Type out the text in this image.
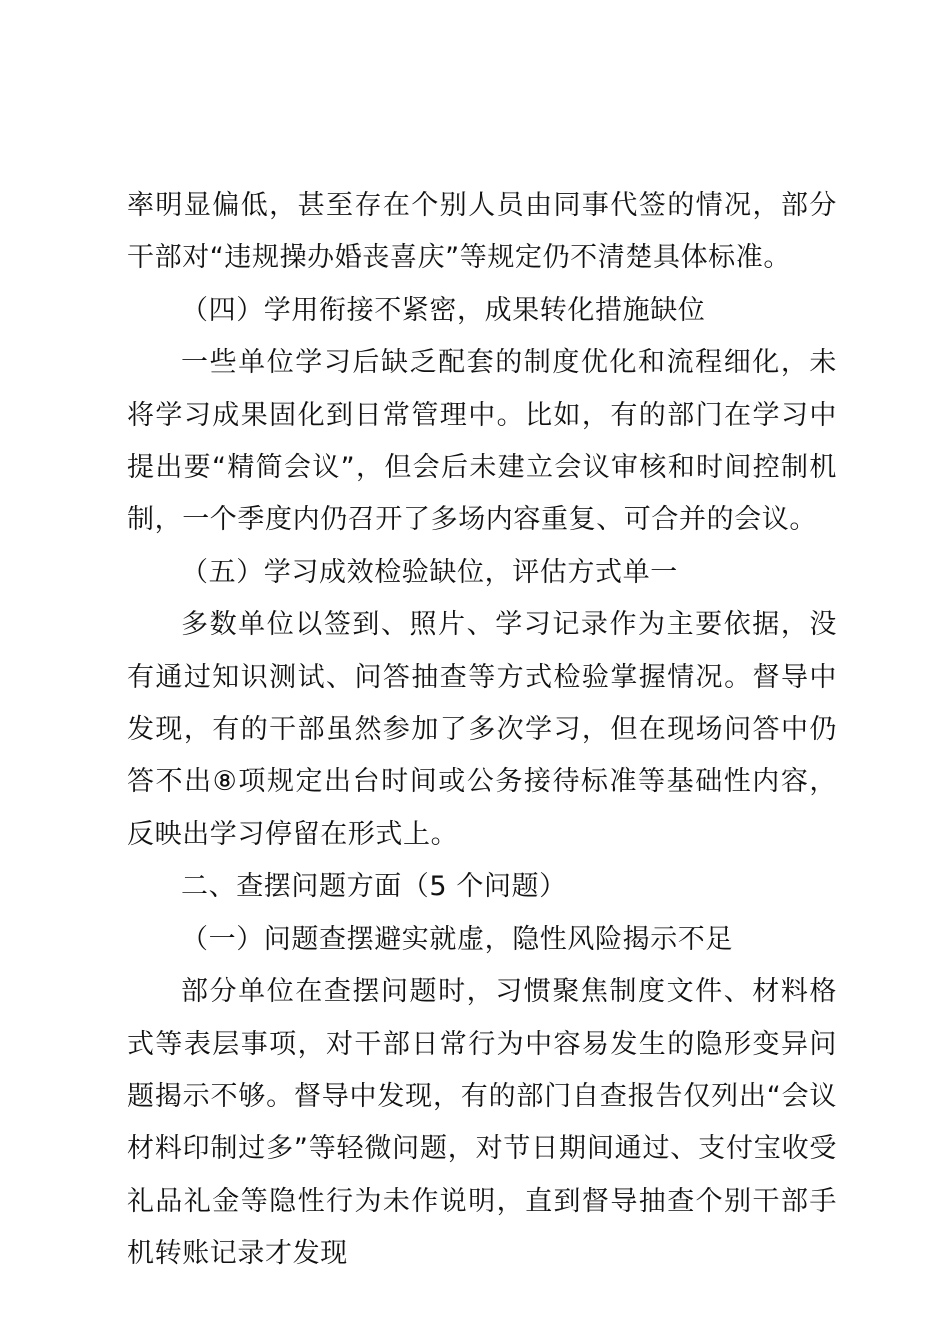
率明显偏低，甚至存在个别人员由同事代签的情况，部分干部对“违规操办婚丧喜庆”等规定仍不清楚具体标准。

（四）学用衔接不紧密，成果转化措施缺位

一些单位学习后缺乏配套的制度优化和流程细化，未将学习成果固化到日常管理中。比如，有的部门在学习中提出要“精简会议”，但会后未建立会议审核和时间控制机制，一个季度内仍召开了多场内容重复、可合并的会议。

（五）学习成效检验缺位，评估方式单一

多数单位以签到、照片、学习记录作为主要依据，没有通过知识测试、问答抽查等方式检验掌握情况。督导中发现，有的干部虽然参加了多次学习，但在现场问答中仍答不出⑧项规定出台时间或公务接待标准等基础性内容，反映出学习停留在形式上。

二、查摆问题方面（5 个问题）

（一）问题查摆避实就虚，隐性风险揭示不足

部分单位在查摆问题时，习惯聚焦制度文件、材料格式等表层事项，对干部日常行为中容易发生的隐形变异问题揭示不够。督导中发现，有的部门自查报告仅列出“会议材料印制过多”等轻微问题，对节日期间通过、支付宝收受礼品礼金等隐性行为未作说明，直到督导抽查个别干部手机转账记录才发现
